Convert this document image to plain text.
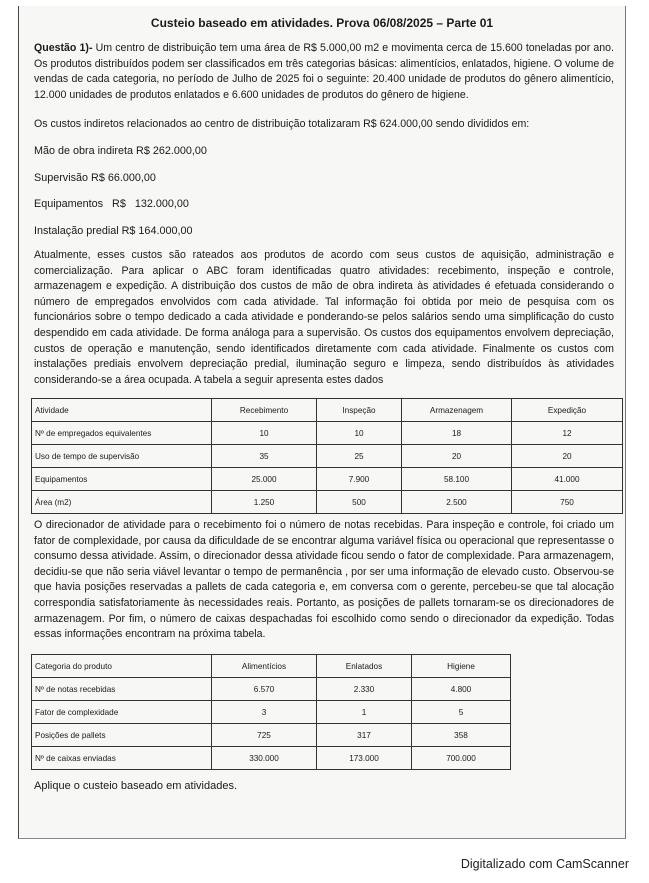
Custeio baseado em atividades. Prova 06/08/2025 – Parte 01

Questão 1)- Um centro de distribuição tem uma área de R$ 5.000,00 m2 e movimenta cerca de 15.600 toneladas por ano. Os produtos distribuídos podem ser classificados em três categorias básicas: alimentícios, enlatados, higiene. O volume de vendas de cada categoria, no período de Julho de 2025 foi o seguinte: 20.400 unidade de produtos do gênero alimentício, 12.000 unidades de produtos enlatados e 6.600 unidades de produtos do gênero de higiene.

Os custos indiretos relacionados ao centro de distribuição totalizaram R$ 624.000,00 sendo divididos em:

Mão de obra indireta R$ 262.000,00
Supervisão R$ 66.000,00
Equipamentos   R$   132.000,00
Instalação predial R$ 164.000,00

Atualmente, esses custos são rateados aos produtos de acordo com seus custos de aquisição, administração e comercialização. Para aplicar o ABC foram identificadas quatro atividades: recebimento, inspeção e controle, armazenagem e expedição. A distribuição dos custos de mão de obra indireta às atividades é efetuada considerando o número de empregados envolvidos com cada atividade. Tal informação foi obtida por meio de pesquisa com os funcionários sobre o tempo dedicado a cada atividade e ponderando-se pelos salários sendo uma simplificação do custo despendido em cada atividade. De forma análoga para a supervisão. Os custos dos equipamentos envolvem depreciação, custos de operação e manutenção, sendo identificados diretamente com cada atividade. Finalmente os custos com instalações prediais envolvem depreciação predial, iluminação seguro e limpeza, sendo distribuídos às atividades considerando-se a área ocupada. A tabela a seguir apresenta estes dados

Atividade	Recebimento	Inspeção	Armazenagem	Expedição
Nº de empregados equivalentes	10	10	18	12
Uso de tempo de supervisão	35	25	20	20
Equipamentos	25.000	7.900	58.100	41.000
Área (m2)	1.250	500	2.500	750

O direcionador de atividade para o recebimento foi o número de notas recebidas. Para inspeção e controle, foi criado um fator de complexidade, por causa da dificuldade de se encontrar alguma variável física ou operacional que representasse o consumo dessa atividade. Assim, o direcionador dessa atividade ficou sendo o fator de complexidade. Para armazenagem, decidiu-se que não seria viável levantar o tempo de permanência , por ser uma informação de elevado custo. Observou-se que havia posições reservadas a pallets de cada categoria e, em conversa com o gerente, percebeu-se que tal alocação correspondia satisfatoriamente às necessidades reais. Portanto, as posições de pallets tornaram-se os direcionadores de armazenagem. Por fim, o número de caixas despachadas foi escolhido como sendo o direcionador da expedição. Todas essas informações encontram na próxima tabela.

Categoria do produto	Alimentícios	Enlatados	Higiene
Nº de notas recebidas	6.570	2.330	4.800
Fator de complexidade	3	1	5
Posições de pallets	725	317	358
Nº de caixas enviadas	330.000	173.000	700.000
Aplique o custeio baseado em atividades.
Digitalizado com CamScanner
